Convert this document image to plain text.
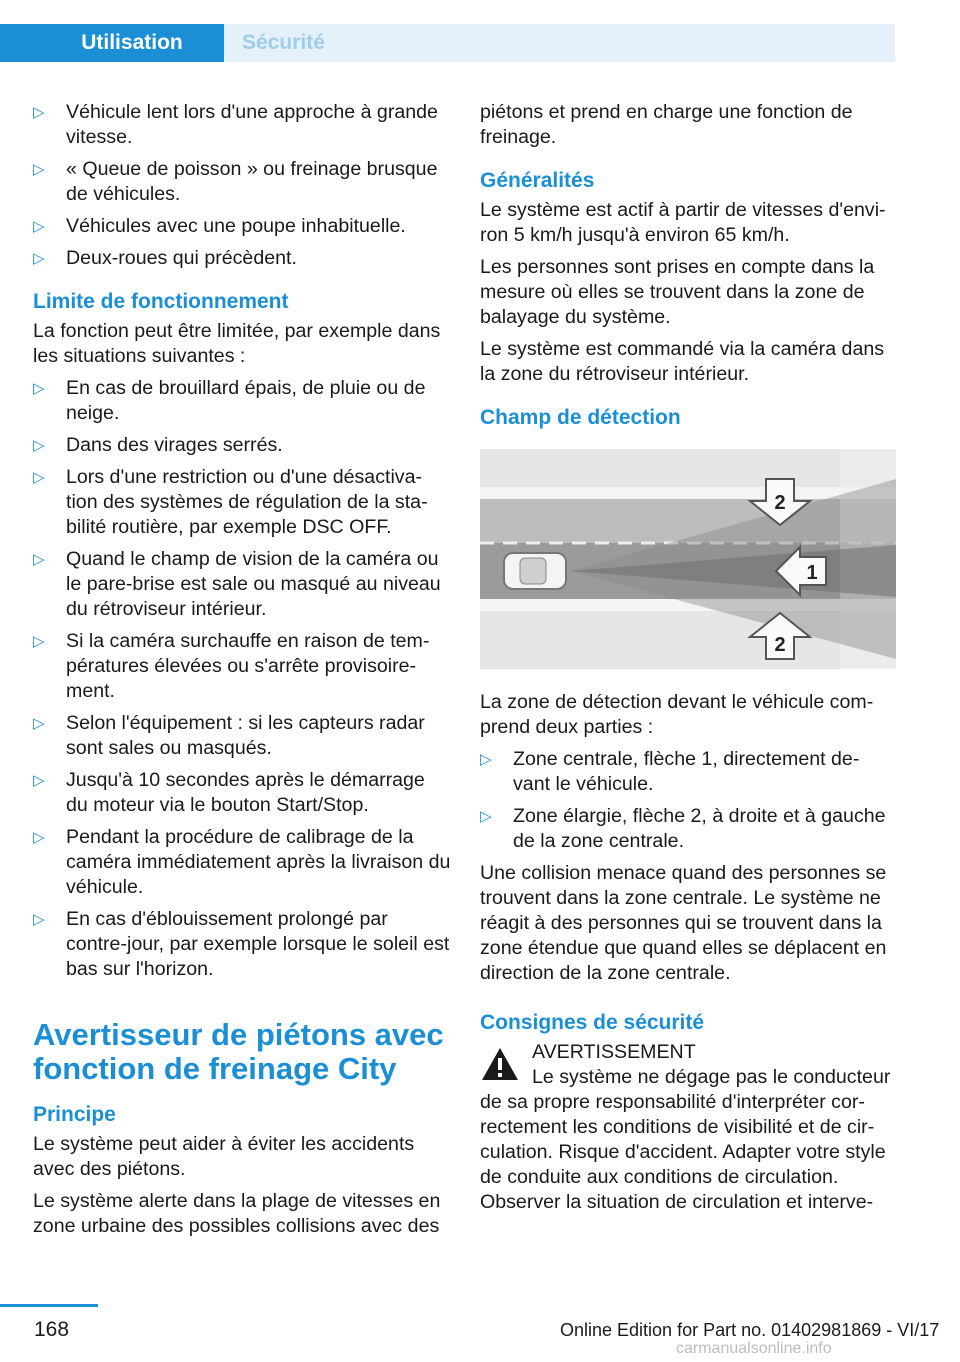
Utilisation	Sécurité
▷ Véhicule lent lors d'une approche à grande vitesse.
▷ « Queue de poisson » ou freinage brusque de véhicules.
▷ Véhicules avec une poupe inhabituelle.
▷ Deux-roues qui précèdent.
Limite de fonctionnement

La fonction peut être limitée, par exemple dans les situations suivantes :

▷ En cas de brouillard épais, de pluie ou de neige.
▷ Dans des virages serrés.
▷ Lors d'une restriction ou d'une désactiva‐tion des systèmes de régulation de la sta‐bilité routière, par exemple DSC OFF.
▷ Quand le champ de vision de la caméra ou le pare-brise est sale ou masqué au niveau du rétroviseur intérieur.
▷ Si la caméra surchauffe en raison de tem‐pératures élevées ou s'arrête provisoire‐ment.
▷ Selon l'équipement : si les capteurs radar sont sales ou masqués.
▷ Jusqu'à 10 secondes après le démarrage du moteur via le bouton Start/Stop.
▷ Pendant la procédure de calibrage de la caméra immédiatement après la livraison du véhicule.
▷ En cas d'éblouissement prolongé par contre-jour, par exemple lorsque le soleil est bas sur l'horizon.
Avertisseur de piétons avec fonction de freinage City
Principe

Le système peut aider à éviter les accidents avec des piétons.

Le système alerte dans la plage de vitesses en zone urbaine des possibles collisions avec des

piétons et prend en charge une fonction de freinage.

Généralités

Le système est actif à partir de vitesses d'envi‐ron 5 km/h jusqu'à environ 65 km/h.

Les personnes sont prises en compte dans la mesure où elles se trouvent dans la zone de balayage du système.

Le système est commandé via la caméra dans la zone du rétroviseur intérieur.

Champ de détection
2
1
2

La zone de détection devant le véhicule com‐prend deux parties :

▷ Zone centrale, flèche 1, directement de‐vant le véhicule.
▷ Zone élargie, flèche 2, à droite et à gauche de la zone centrale.

Une collision menace quand des personnes se trouvent dans la zone centrale. Le système ne réagit à des personnes qui se trouvent dans la zone étendue que quand elles se déplacent en direction de la zone centrale.

Consignes de sécurité
AVERTISSEMENT
Le système ne dégage pas le conducteur
de sa propre responsabilité d'interpréter cor‐rectement les conditions de visibilité et de cir‐culation. Risque d'accident. Adapter votre style de conduite aux conditions de circulation. Observer la situation de circulation et interve‐
168	Online Edition for Part no. 01402981869 - VI/17
carmanualsonline.info
